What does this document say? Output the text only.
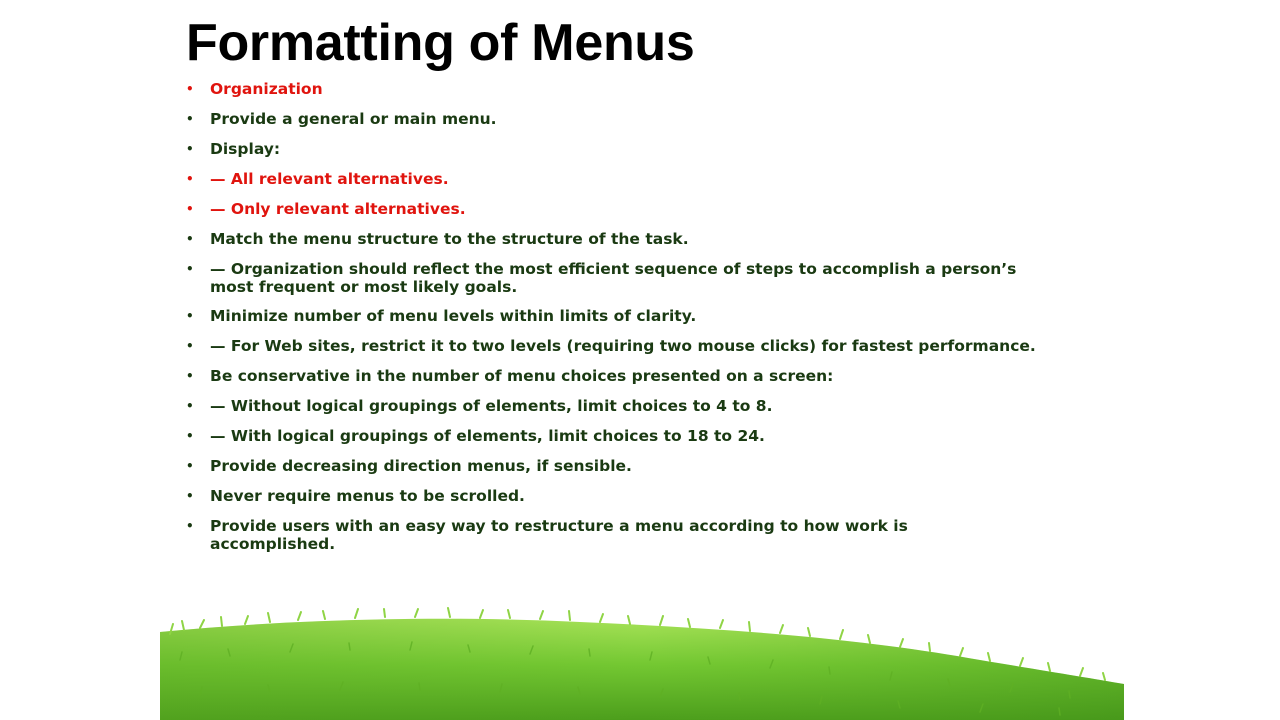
Formatting of Menus
• Organization
• Provide a general or main menu.
• Display:
• — All relevant alternatives.
• — Only relevant alternatives.
• Match the menu structure to the structure of the task.
• — Organization should reflect the most efficient sequence of steps to accomplish a person’s most frequent or most likely goals.
• Minimize number of menu levels within limits of clarity.
• — For Web sites, restrict it to two levels (requiring two mouse clicks) for fastest performance.
• Be conservative in the number of menu choices presented on a screen:
• — Without logical groupings of elements, limit choices to 4 to 8.
• — With logical groupings of elements, limit choices to 18 to 24.
• Provide decreasing direction menus, if sensible.
• Never require menus to be scrolled.
• Provide users with an easy way to restructure a menu according to how work is accomplished.
